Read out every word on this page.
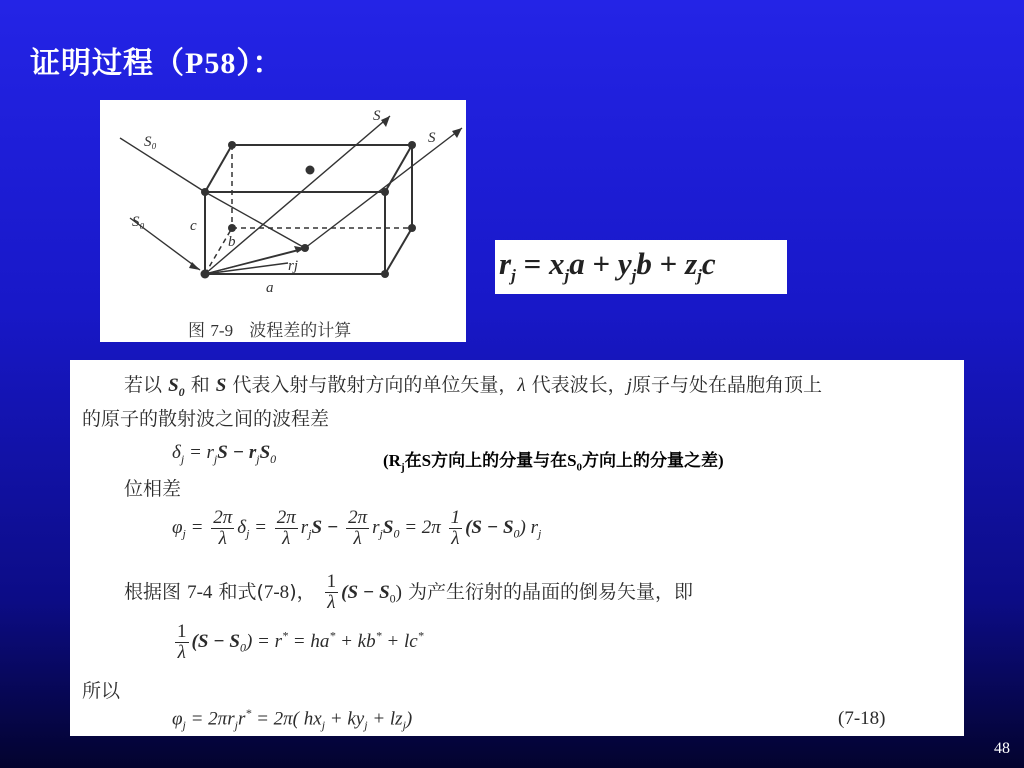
证明过程（P58）：
S₀
S₀
S
S
c
b
a
rj
图 7-9 波程差的计算
$r_j = x_ja + y_jb + z_jc$
若以 $S_0$ 和 S 代表入射与散射方向的单位矢量，λ 代表波长，j原子与处在晶胞角顶上
的原子的散射波之间的波程差
$\delta_j = r_jS - r_jS_0$	($R_j$在S方向上的分量与在$S_0$方向上的分量之差)
位相差
$\varphi_j = \frac{2\pi}{\lambda} \delta_j = \frac{2\pi}{\lambda} r_jS - \frac{2\pi}{\lambda} r_jS_0 = 2\pi \frac{1}{\lambda} (S - S_0)$ $r_j$
根据图 7-4 和式(7-8)， $\frac{1}{\lambda} (S - S_0)$ 为产生衍射的晶面的倒易矢量，即
$\frac{1}{\lambda} (S - S_0) = r^* = ha^* + kb^* + lc^*$
所以
$\varphi_j = 2\pi r_jr^* = 2\pi$( $hx_j + ky_j + lz_j$)	(7-18)
48
